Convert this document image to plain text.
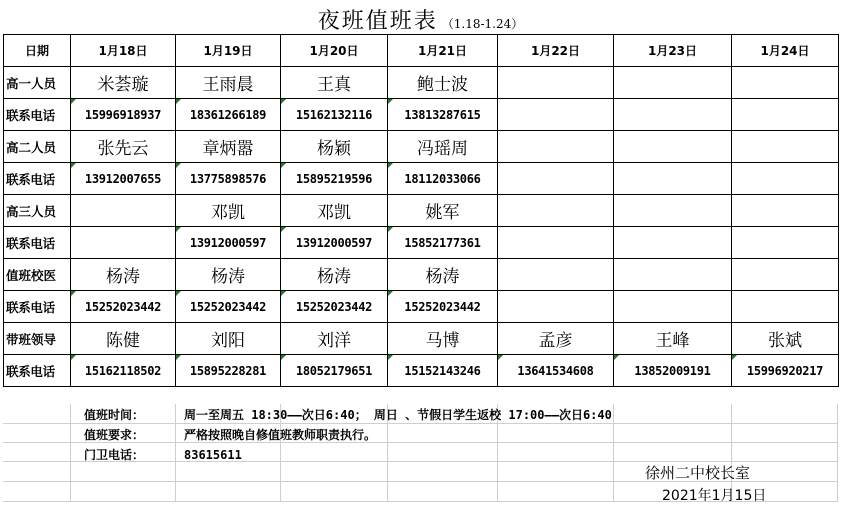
夜班值班表 （1.18-1.24）
日期	1月18日	1月19日	1月20日	1月21日	1月22日	1月23日	1月24日
高一人员	米荟璇	王雨晨	王真	鲍士波			
联系电话	15996918937	18361266189	15162132116	13813287615			
高二人员	张先云	章炳嚣	杨颖	冯瑶周			
联系电话	13912007655	13775898576	15895219596	18112033066			
高三人员		邓凯	邓凯	姚军			
联系电话		13912000597	13912000597	15852177361			
值班校医	杨涛	杨涛	杨涛	杨涛			
联系电话	15252023442	15252023442	15252023442	15252023442			
带班领导	陈健	刘阳	刘洋	马博	孟彦	王峰	张斌
联系电话	15162118502	15895228281	18052179651	15152143246	13641534608	13852009191	15996920217
值班时间：	周一至周五 18:30——次日6:40； 周日 、节假日学生返校 17:00——次日6:40
值班要求：	严格按照晚自修值班教师职责执行。
门卫电话：	83615611
徐州二中校长室
2021年1月15日
